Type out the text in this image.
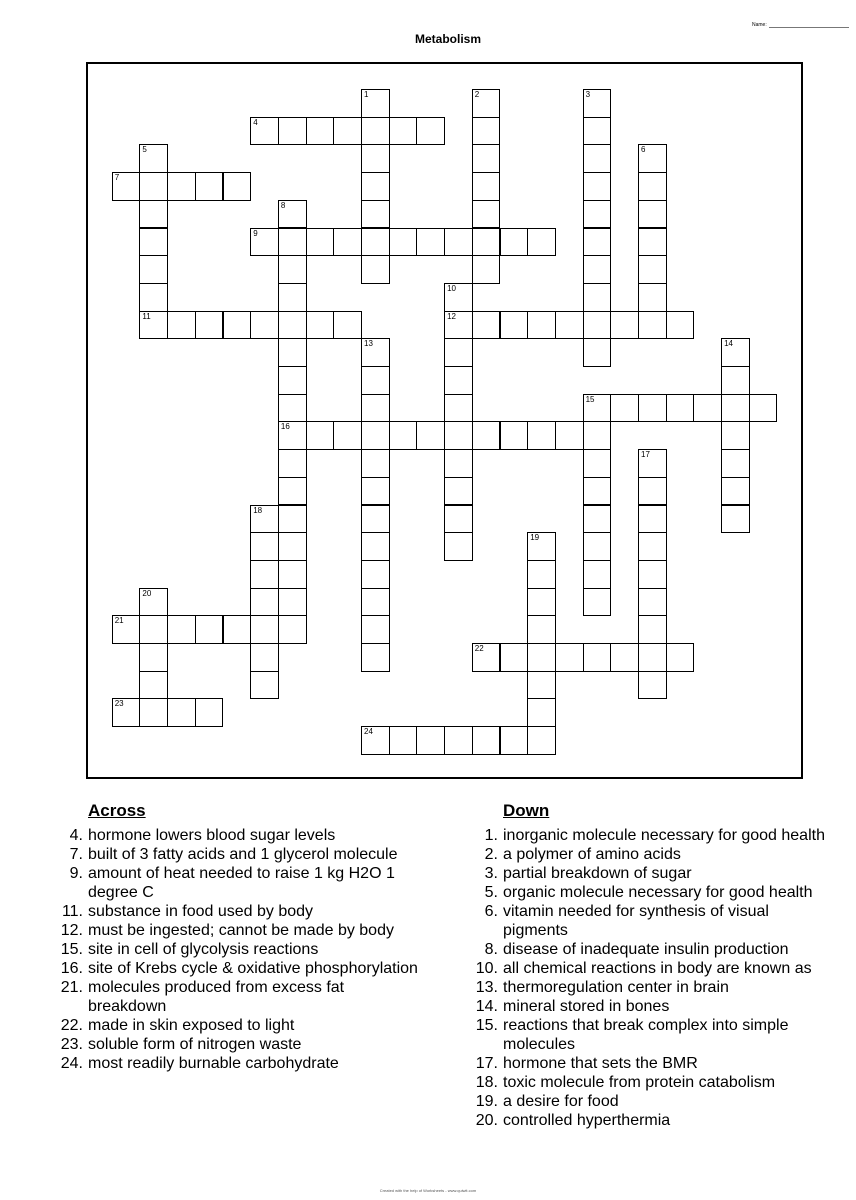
Name:
Metabolism
1	2	3
4
5
11
6
7
8
16
9
10
12
13	14
15
17
18
19
20
21
22
23
24
Across
4. hormone lowers blood sugar levels
7. built of 3 fatty acids and 1 glycerol molecule
9. amount of heat needed to raise 1 kg H2O 1 degree C
11. substance in food used by body
12. must be ingested; cannot be made by body
15. site in cell of glycolysis reactions
16. site of Krebs cycle & oxidative phosphorylation
21. molecules produced from excess fat breakdown
22. made in skin exposed to light
23. soluble form of nitrogen waste
24. most readily burnable carbohydrate
Down
1. inorganic molecule necessary for good health
2. a polymer of amino acids
3. partial breakdown of sugar
5. organic molecule necessary for good health
6. vitamin needed for synthesis of visual pigments
8. disease of inadequate insulin production
10. all chemical reactions in body are known as
13. thermoregulation center in brain
14. mineral stored in bones
15. reactions that break complex into simple molecules
17. hormone that sets the BMR
18. toxic molecule from protein catabolism
19. a desire for food
20. controlled hyperthermia
Created with the help of Worksheets - www.quiwit.com
